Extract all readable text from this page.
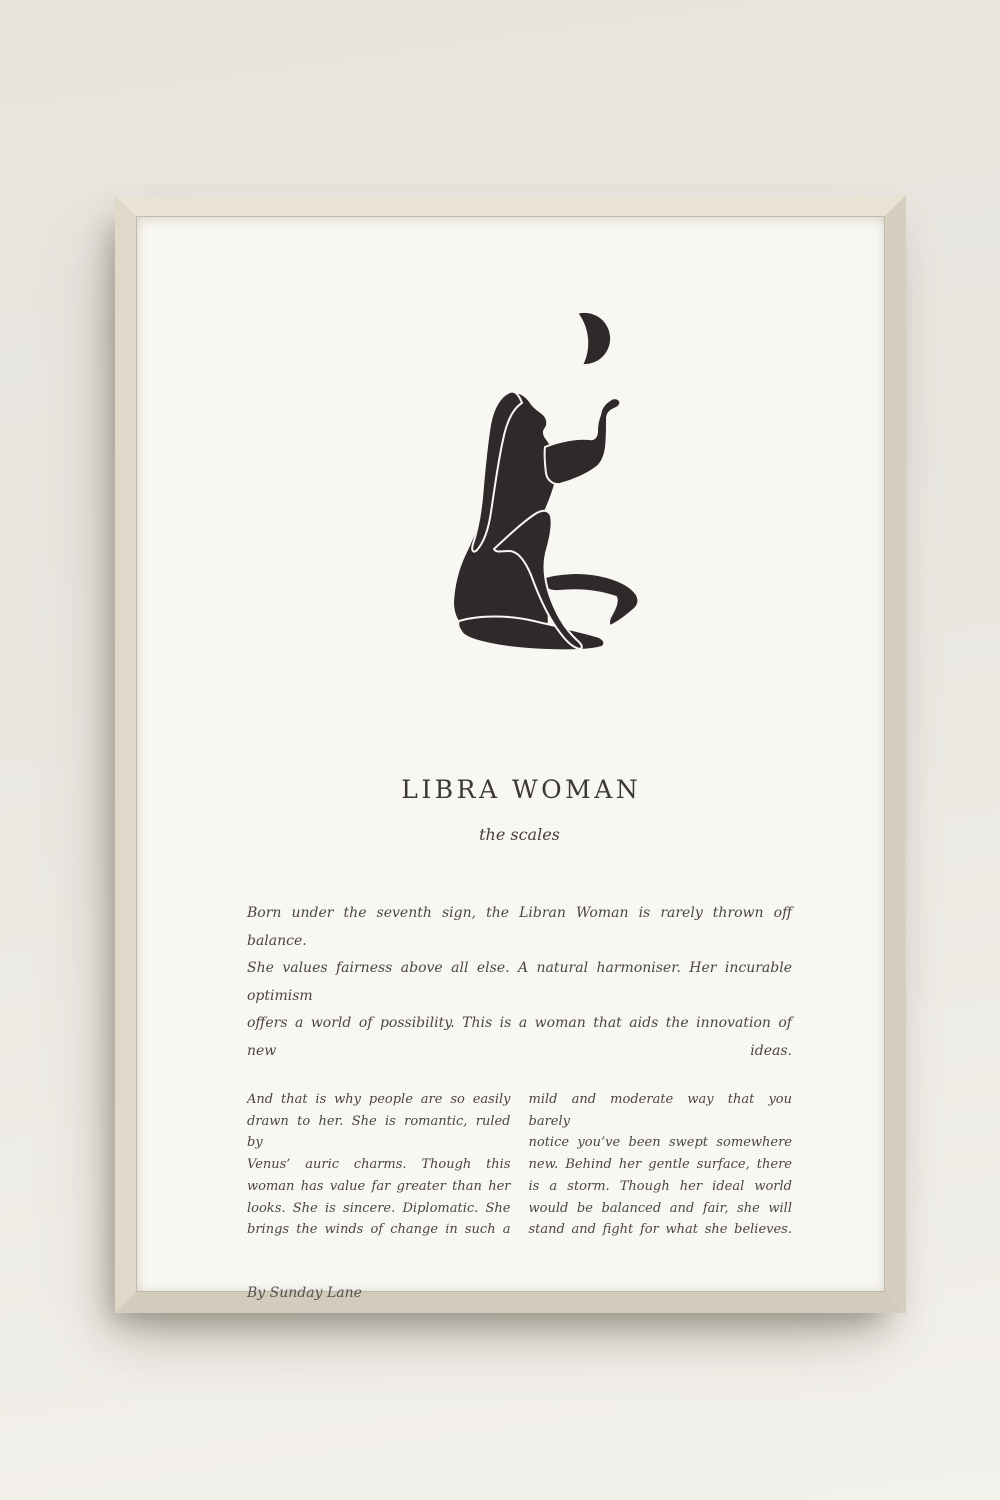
LIBRA WOMAN
the scales
Born under the seventh sign, the Libran Woman is rarely thrown off balance.
She values fairness above all else. A natural harmoniser. Her incurable optimism
offers a world of possibility. This is a woman that aids the innovation of new ideas.
And that is why people are so easily
drawn to her. She is romantic, ruled by
Venus’ auric charms. Though this
woman has value far greater than her
looks. She is sincere. Diplomatic. She
brings the winds of change in such a
mild and moderate way that you barely
notice you’ve been swept somewhere
new. Behind her gentle surface, there
is a storm. Though her ideal world
would be balanced and fair, she will
stand and fight for what she believes.
By Sunday Lane
